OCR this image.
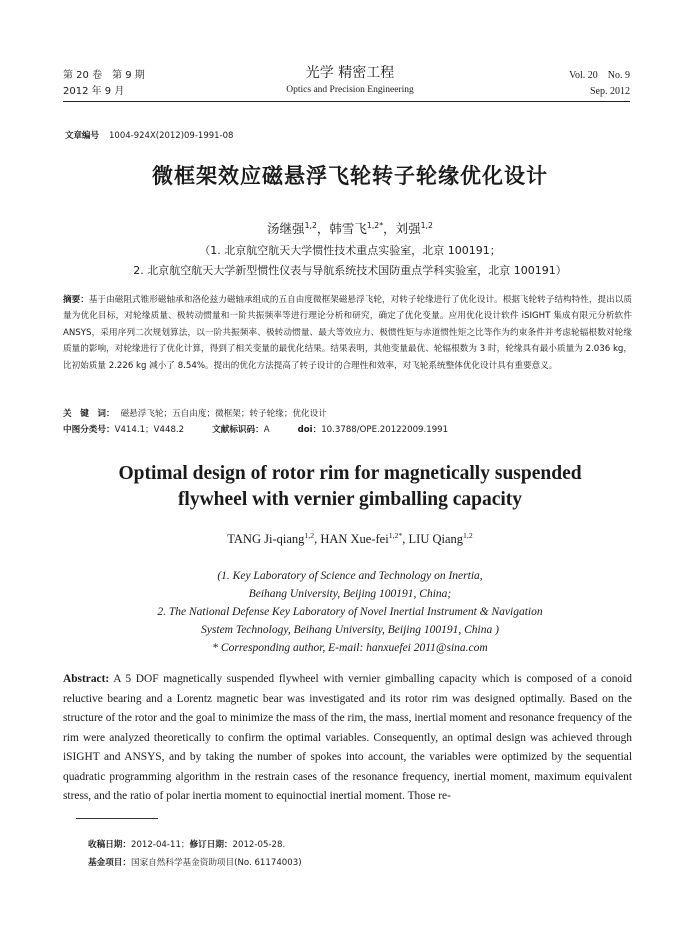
第 20 卷　第 9 期
2012 年 9 月
光学 精密工程
Optics and Precision Engineering
Vol. 20　No. 9
Sep. 2012
文章编号 1004-924X(2012)09-1991-08
微框架效应磁悬浮飞轮转子轮缘优化设计
汤继强$^{1,2}$，韩雪飞$^{1,2*}$，刘强$^{1,2}$
（1. 北京航空航天大学惯性技术重点实验室，北京 100191；
2. 北京航空航天大学新型惯性仪表与导航系统技术国防重点学科实验室，北京 100191）
摘要：基于由磁阻式锥形磁轴承和洛伦兹力磁轴承组成的五自由度微框架磁悬浮飞轮，对转子轮缘进行了优化设计。根据飞轮转子结构特性，提出以质量为优化目标，对轮缘质量、极转动惯量和一阶共振频率等进行理论分析和研究，确定了优化变量。应用优化设计软件 iSIGHT 集成有限元分析软件 ANSYS，采用序列二次规划算法，以一阶共振频率、极转动惯量、最大等效应力、极惯性矩与赤道惯性矩之比等作为约束条件并考虑轮辐根数对轮缘质量的影响，对轮缘进行了优化计算，得到了相关变量的最优化结果。结果表明，其他变量最优、轮辐根数为 3 时，轮缘具有最小质量为 2.036 kg，比初始质量 2.226 kg 减小了 8.54%。提出的优化方法提高了转子设计的合理性和效率，对飞轮系统整体优化设计具有重要意义。
关　键　词： 磁悬浮飞轮；五自由度；微框架；转子轮缘；优化设计
中图分类号：V414.1；V448.2	文献标识码：A	doi：10.3788/OPE.20122009.1991
Optimal design of rotor rim for magnetically suspended
flywheel with vernier gimballing capacity
TANG Ji-qiang$^{1,2}$, HAN Xue-fei$^{1,2*}$, LIU Qiang$^{1,2}$
(1. Key Laboratory of Science and Technology on Inertia,
Beihang University, Beijing 100191, China;
2. The National Defense Key Laboratory of Novel Inertial Instrument & Navigation
System Technology, Beihang University, Beijing 100191, China )
* Corresponding author, E-mail: hanxuefei 2011@sina.com
Abstract: A 5 DOF magnetically suspended flywheel with vernier gimballing capacity which is composed of a conoid reluctive bearing and a Lorentz magnetic bear was investigated and its rotor rim was designed optimally. Based on the structure of the rotor and the goal to minimize the mass of the rim, the mass, inertial moment and resonance frequency of the rim were analyzed theoretically to confirm the optimal variables. Consequently, an optimal design was achieved through iSIGHT and ANSYS, and by taking the number of spokes into account, the variables were optimized by the sequential quadratic programming algorithm in the restrain cases of the resonance frequency, inertial moment, maximum equivalent stress, and the ratio of polar inertia moment to equinoctial inertial moment. Those re-
收稿日期：2012-04-11；修订日期：2012-05-28.
基金项目：国家自然科学基金资助项目(No. 61174003)
